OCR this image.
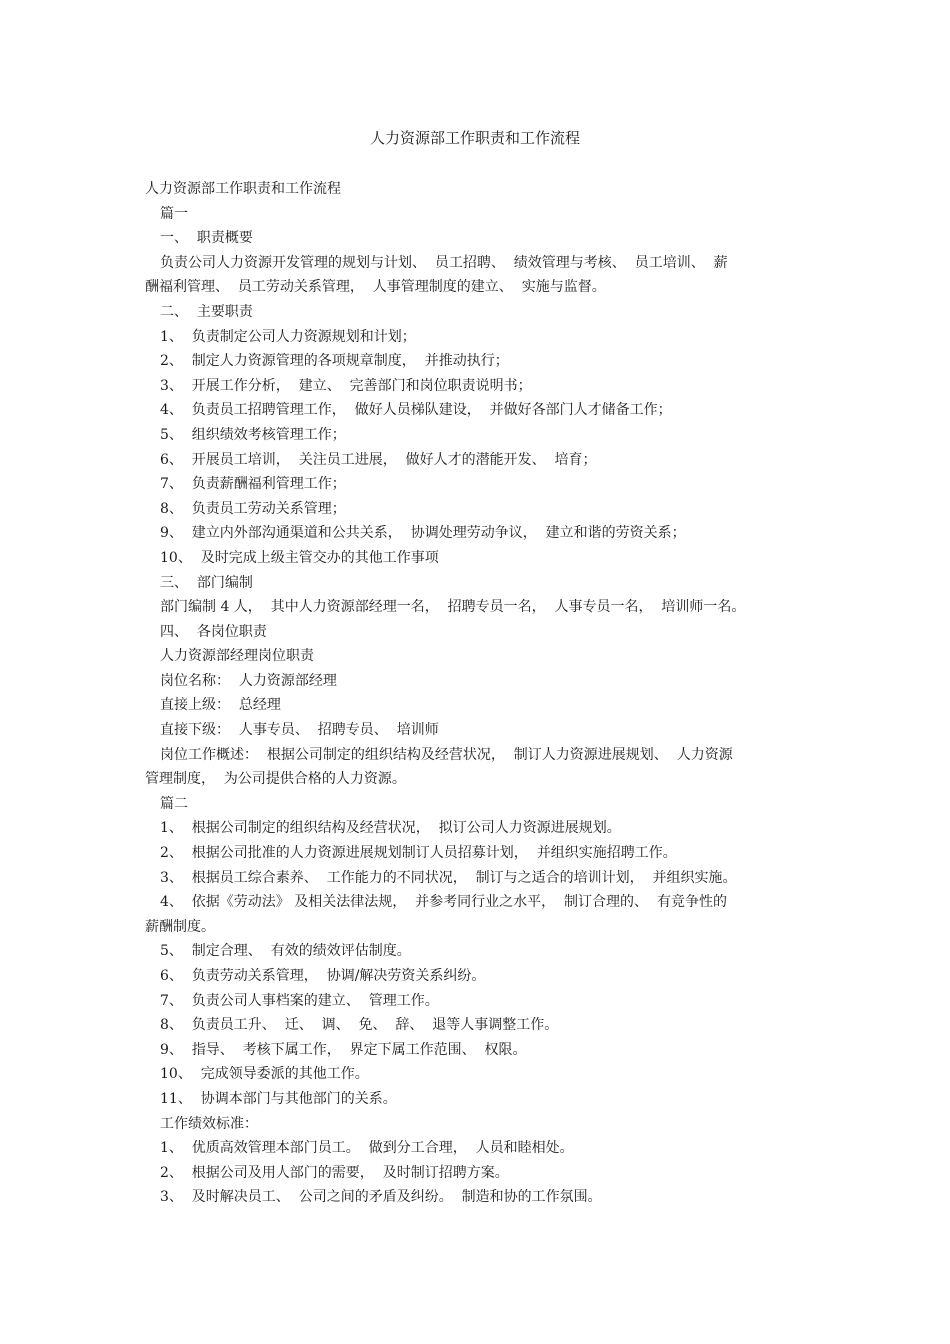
人力资源部工作职责和工作流程

人力资源部工作职责和工作流程

篇一

一、  职责概要

负责公司人力资源开发管理的规划与计划、  员工招聘、  绩效管理与考核、  员工培训、  薪

酬福利管理、  员工劳动关系管理，  人事管理制度的建立、  实施与监督。

二、  主要职责

1、  负责制定公司人力资源规划和计划；

2、  制定人力资源管理的各项规章制度，  并推动执行；

3、  开展工作分析，  建立、  完善部门和岗位职责说明书；

4、  负责员工招聘管理工作，  做好人员梯队建设，  并做好各部门人才储备工作；

5、  组织绩效考核管理工作；

6、  开展员工培训，  关注员工进展，  做好人才的潜能开发、  培育；

7、  负责薪酬福利管理工作；

8、  负责员工劳动关系管理；

9、  建立内外部沟通渠道和公共关系，  协调处理劳动争议，  建立和谐的劳资关系；

10、  及时完成上级主管交办的其他工作事项

三、  部门编制

部门编制 4 人，  其中人力资源部经理一名，  招聘专员一名，  人事专员一名，  培训师一名。

四、  各岗位职责

人力资源部经理岗位职责

岗位名称：  人力资源部经理

直接上级：  总经理

直接下级：  人事专员、  招聘专员、  培训师

岗位工作概述：  根据公司制定的组织结构及经营状况，  制订人力资源进展规划、  人力资源

管理制度，  为公司提供合格的人力资源。

篇二

1、  根据公司制定的组织结构及经营状况，  拟订公司人力资源进展规划。

2、  根据公司批准的人力资源进展规划制订人员招募计划，  并组织实施招聘工作。

3、  根据员工综合素养、  工作能力的不同状况，  制订与之适合的培训计划，  并组织实施。

4、  依据《劳动法》 及相关法律法规，  并参考同行业之水平，  制订合理的、  有竞争性的

薪酬制度。

5、  制定合理、  有效的绩效评估制度。

6、  负责劳动关系管理，  协调/解决劳资关系纠纷。

7、  负责公司人事档案的建立、  管理工作。

8、  负责员工升、  迁、  调、  免、  辞、  退等人事调整工作。

9、  指导、  考核下属工作，  界定下属工作范围、  权限。

10、  完成领导委派的其他工作。

11、  协调本部门与其他部门的关系。

工作绩效标准：

1、  优质高效管理本部门员工。  做到分工合理，  人员和睦相处。

2、  根据公司及用人部门的需要，  及时制订招聘方案。

3、  及时解决员工、  公司之间的矛盾及纠纷。  制造和协的工作氛围。
